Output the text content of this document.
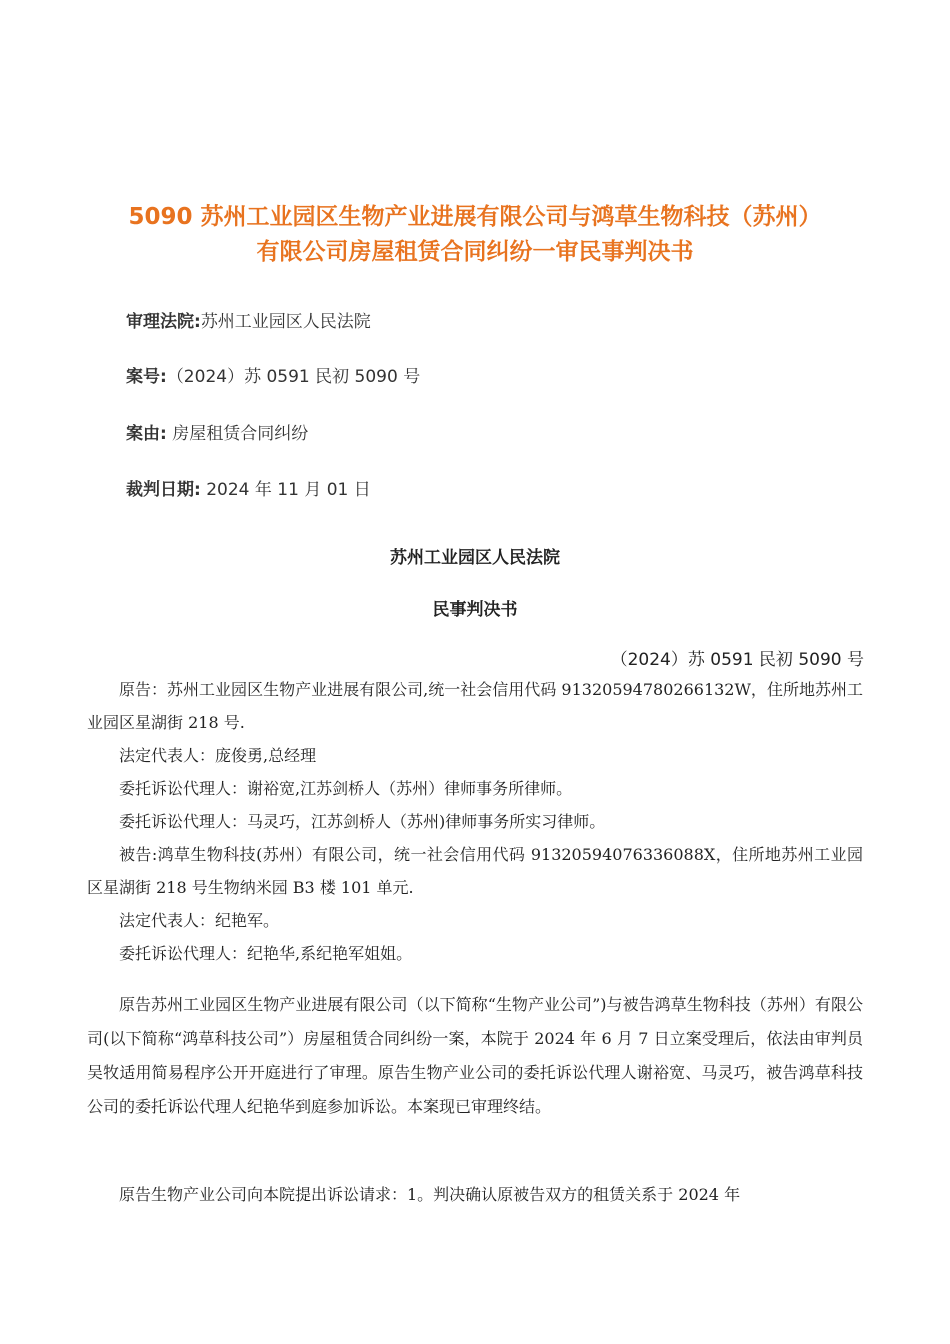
5090 苏州工业园区生物产业进展有限公司与鸿草生物科技（苏州）
有限公司房屋租赁合同纠纷一审民事判决书
审理法院:苏州工业园区人民法院
案号:（2024）苏 0591 民初 5090 号
案由: 房屋租赁合同纠纷
裁判日期: 2024 年 11 月 01 日
苏州工业园区人民法院
民事判决书
（2024）苏 0591 民初 5090 号

原告：苏州工业园区生物产业进展有限公司,统一社会信用代码 91320594780266132W，住所地苏州工业园区星湖街 218 号.

法定代表人：庞俊勇,总经理

委托诉讼代理人：谢裕宽,江苏剑桥人（苏州）律师事务所律师。

委托诉讼代理人：马灵巧，江苏剑桥人（苏州)律师事务所实习律师。

被告:鸿草生物科技(苏州）有限公司，统一社会信用代码 91320594076336088X，住所地苏州工业园区星湖街 218 号生物纳米园 B3 楼 101 单元.

法定代表人：纪艳军。

委托诉讼代理人：纪艳华,系纪艳军姐姐。

原告苏州工业园区生物产业进展有限公司（以下简称“生物产业公司”)与被告鸿草生物科技（苏州）有限公司(以下简称“鸿草科技公司”）房屋租赁合同纠纷一案，本院于 2024 年 6 月 7 日立案受理后，依法由审判员吴牧适用简易程序公开开庭进行了审理。原告生物产业公司的委托诉讼代理人谢裕宽、马灵巧，被告鸿草科技公司的委托诉讼代理人纪艳华到庭参加诉讼。本案现已审理终结。

原告生物产业公司向本院提出诉讼请求：1。判决确认原被告双方的租赁关系于 2024 年
